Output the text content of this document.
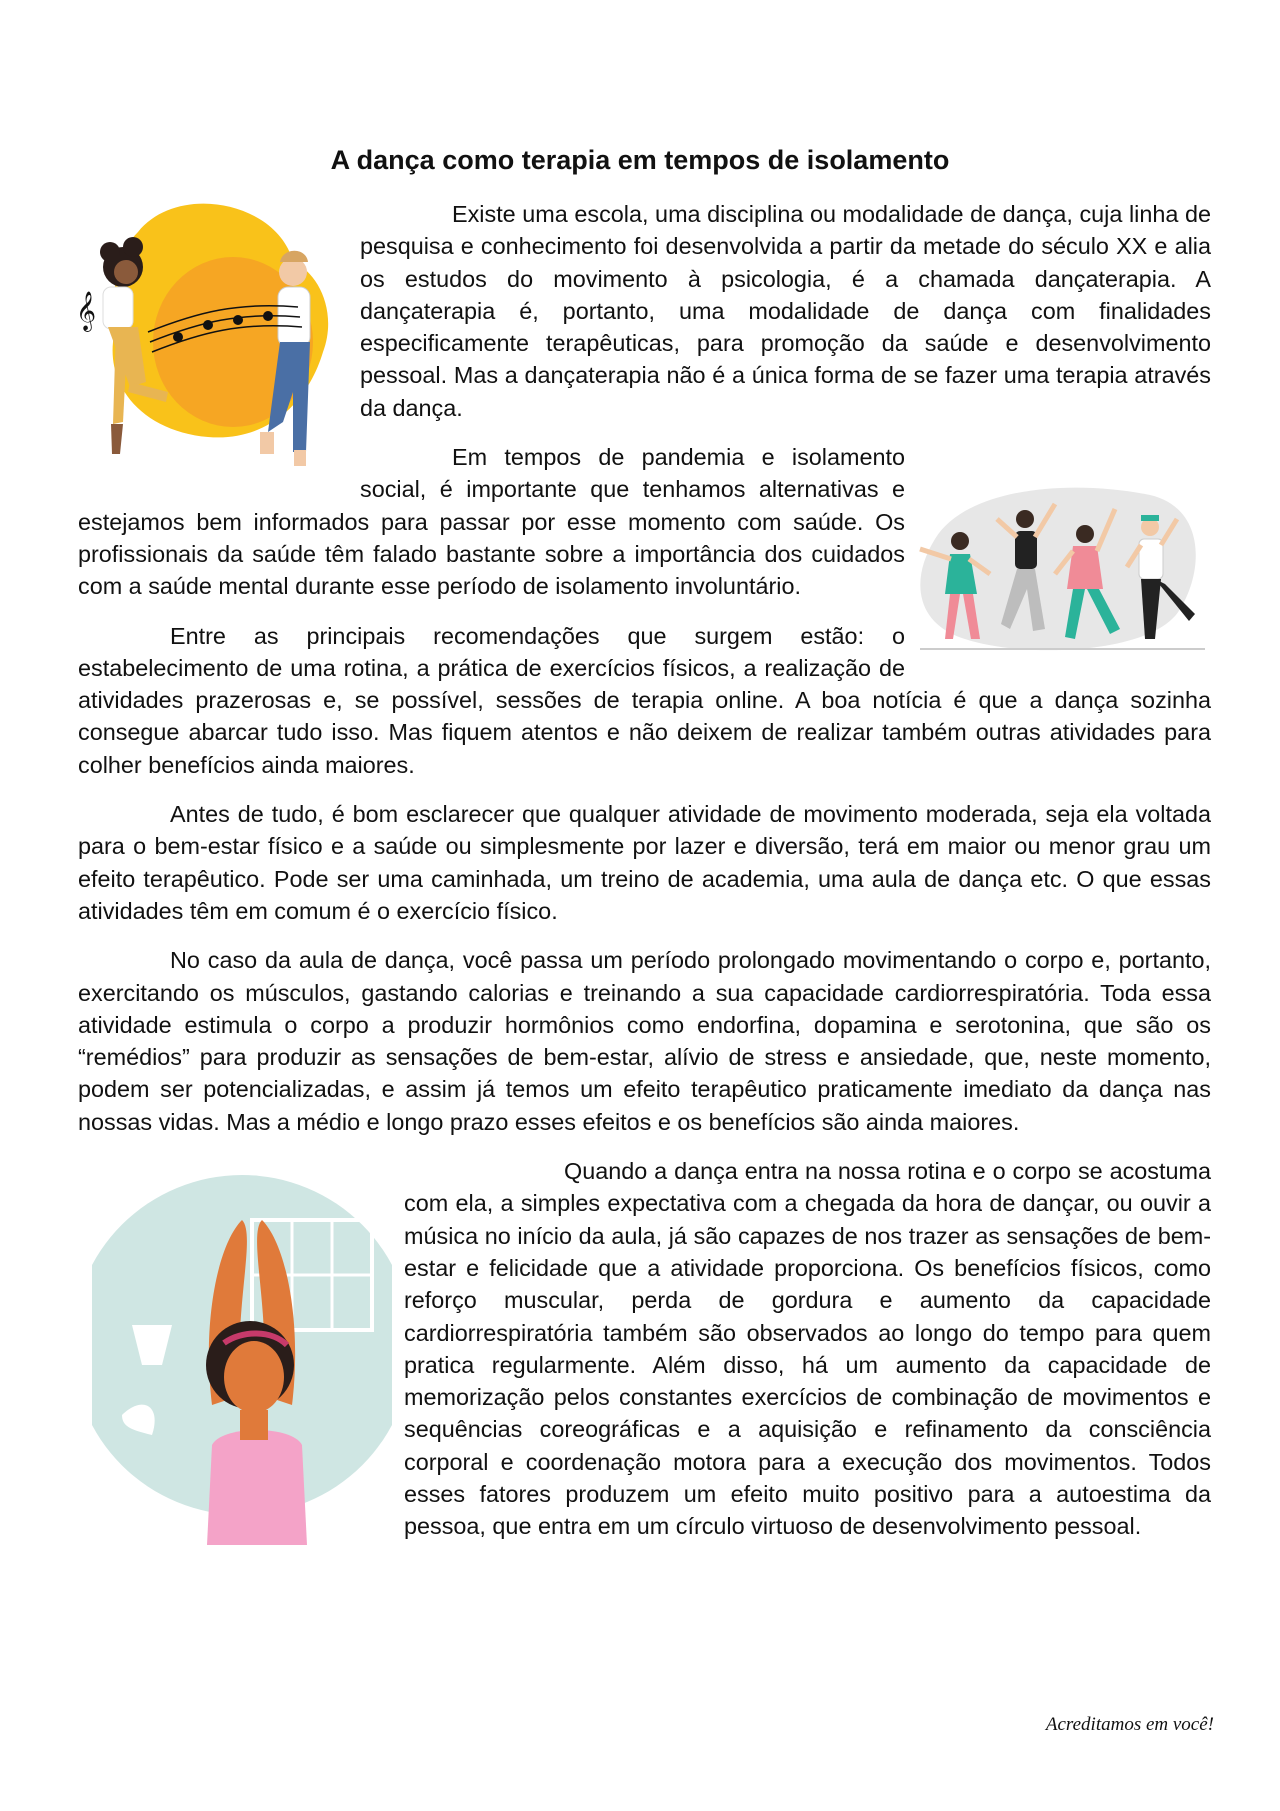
A dança como terapia em tempos de isolamento
𝄞

Existe uma escola, uma disciplina ou modalidade de dança, cuja linha de pesquisa e conhecimento foi desenvolvida a partir da metade do século XX e alia os estudos do movimento à psicologia, é a chamada dançaterapia. A dançaterapia é, portanto, uma modalidade de dança com finalidades especificamente terapêuticas, para promoção da saúde e desenvolvimento pessoal. Mas a dançaterapia não é a única forma de se fazer uma terapia através da dança.

Em tempos de pandemia e isolamento social, é importante que tenhamos alternativas e estejamos bem informados para passar por esse momento com saúde. Os profissionais da saúde têm falado bastante sobre a importância dos cuidados com a saúde mental durante esse período de isolamento involuntário.

Entre as principais recomendações que surgem estão: o estabelecimento de uma rotina, a prática de exercícios físicos, a realização de atividades prazerosas e, se possível, sessões de terapia online. A boa notícia é que a dança sozinha consegue abarcar tudo isso. Mas fiquem atentos e não deixem de realizar também outras atividades para colher benefícios ainda maiores.

Antes de tudo, é bom esclarecer que qualquer atividade de movimento moderada, seja ela voltada para o bem-estar físico e a saúde ou simplesmente por lazer e diversão, terá em maior ou menor grau um efeito terapêutico. Pode ser uma caminhada, um treino de academia, uma aula de dança etc. O que essas atividades têm em comum é o exercício físico.

No caso da aula de dança, você passa um período prolongado movimentando o corpo e, portanto, exercitando os músculos, gastando calorias e treinando a sua capacidade cardiorrespiratória. Toda essa atividade estimula o corpo a produzir hormônios como endorfina, dopamina e serotonina, que são os “remédios” para produzir as sensações de bem-estar, alívio de stress e ansiedade, que, neste momento, podem ser potencializadas, e assim já temos um efeito terapêutico praticamente imediato da dança nas nossas vidas. Mas a médio e longo prazo esses efeitos e os benefícios são ainda maiores.

Quando a dança entra na nossa rotina e o corpo se acostuma com ela, a simples expectativa com a chegada da hora de dançar, ou ouvir a música no início da aula, já são capazes de nos trazer as sensações de bem-estar e felicidade que a atividade proporciona. Os benefícios físicos, como reforço muscular, perda de gordura e aumento da capacidade cardiorrespiratória também são observados ao longo do tempo para quem pratica regularmente. Além disso, há um aumento da capacidade de memorização pelos constantes exercícios de combinação de movimentos e sequências coreográficas e a aquisição e refinamento da consciência corporal e coordenação motora para a execução dos movimentos. Todos esses fatores produzem um efeito muito positivo para a autoestima da pessoa, que entra em um círculo virtuoso de desenvolvimento pessoal.

Acreditamos em você!
